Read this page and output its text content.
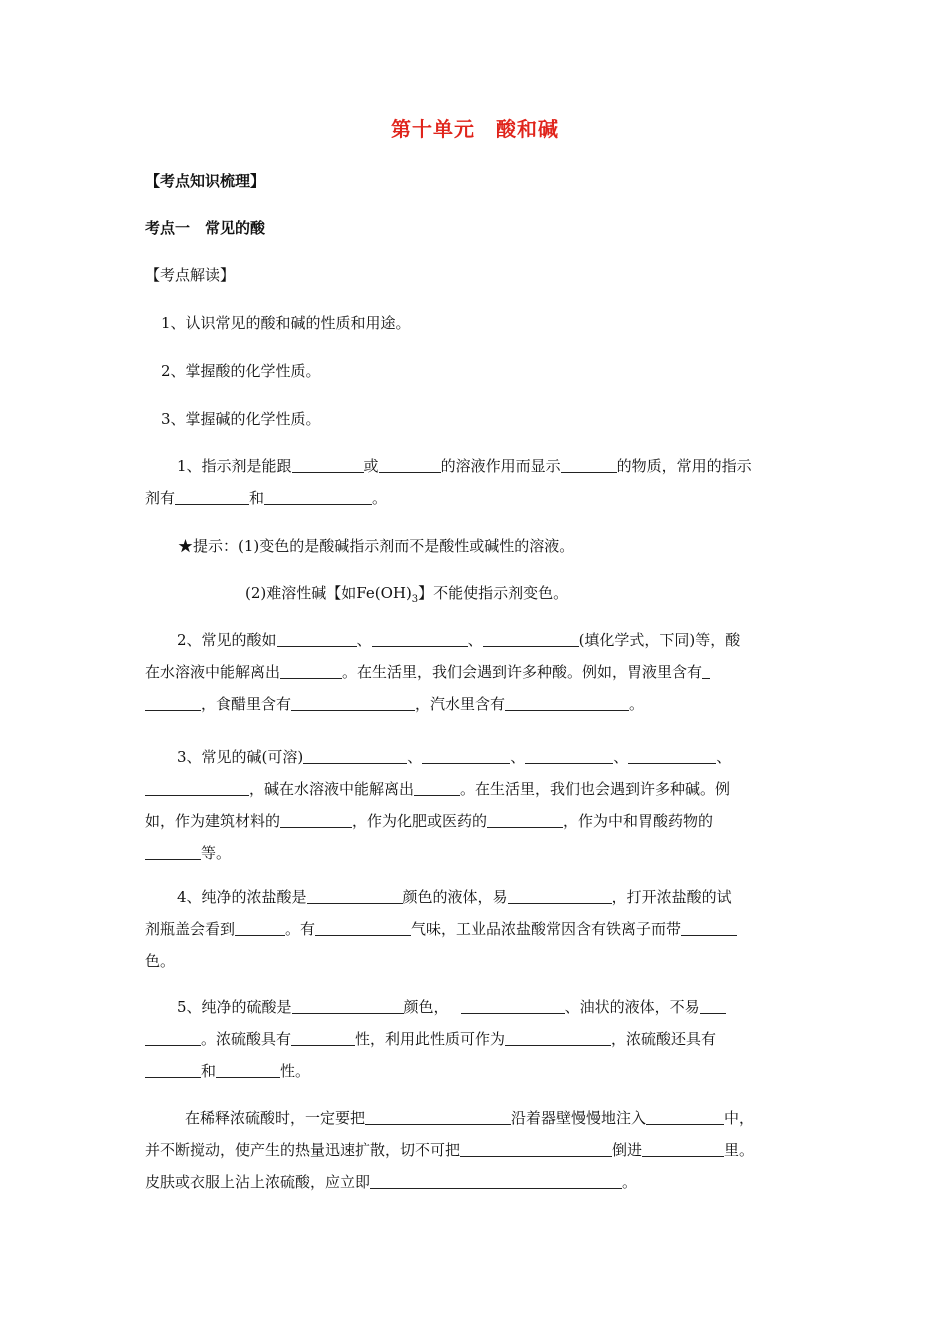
第十单元　酸和碱
【考点知识梳理】
考点一　常见的酸
【考点解读】
1、认识常见的酸和碱的性质和用途。
2、掌握酸的化学性质。
3、掌握碱的化学性质。
1、指示剂是能跟	或	的溶液作用而显示	的物质，常用的指示
剂有	和	。
★提示：(1)变色的是酸碱指示剂而不是酸性或碱性的溶液。
(2)难溶性碱【如$Fe(OH)_3$】不能使指示剂变色。
2、常见的酸如	、	、	(填化学式，下同)等，酸
在水溶液中能解离出	。在生活里，我们会遇到许多种酸。例如，胃液里含有
，食醋里含有	，汽水里含有	。
3、常见的碱(可溶)	、	、	、	、
，碱在水溶液中能解离出	。在生活里，我们也会遇到许多种碱。例
如，作为建筑材料的	，作为化肥或医药的	，作为中和胃酸药物的
等。
4、纯净的浓盐酸是	颜色的液体，易	，打开浓盐酸的试
剂瓶盖会看到	。有	气味，工业品浓盐酸常因含有铁离子而带
色。
5、纯净的硫酸是	颜色，	、油状的液体，不易
。浓硫酸具有	性，利用此性质可作为	，浓硫酸还具有
和	性。
在稀释浓硫酸时，一定要把	沿着器壁慢慢地注入	中，
并不断搅动，使产生的热量迅速扩散，切不可把	倒进	里。
皮肤或衣服上沾上浓硫酸，应立即	。
